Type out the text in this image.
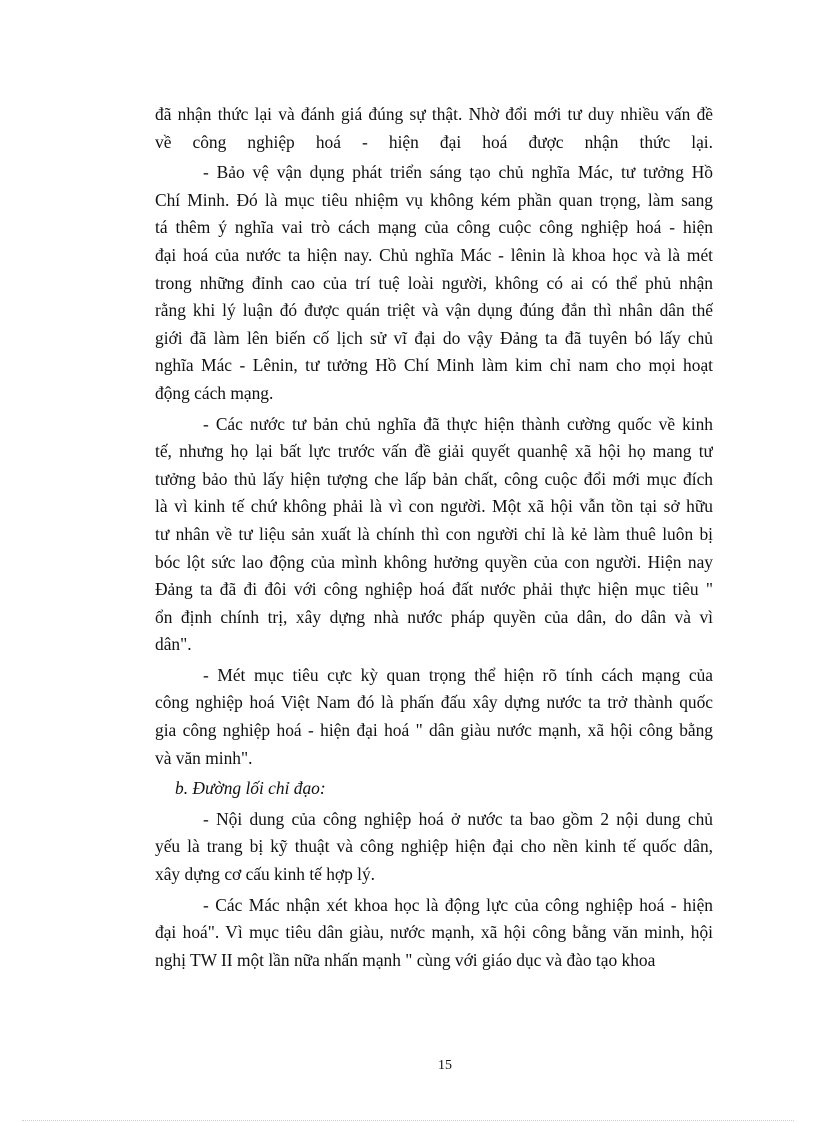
đã nhận thức lại và đánh giá đúng sự thật. Nhờ đổi mới tư duy nhiều vấn đề
về công nghiệp hoá - hiện đại hoá được nhận thức lại.
- Bảo vệ vận dụng phát triển sáng tạo chủ nghĩa Mác, tư tưởng Hồ
Chí Minh. Đó là mục tiêu nhiệm vụ không kém phần quan trọng, làm sang
tá thêm ý nghĩa vai trò cách mạng của công cuộc công nghiệp hoá - hiện
đại hoá của nước ta hiện nay. Chủ nghĩa Mác - lênin là khoa học và là mét
trong những đỉnh cao của trí tuệ loài người, không có ai có thể phủ nhận
rằng khi lý luận đó được quán triệt và vận dụng đúng đắn thì nhân dân thế
giới đã làm lên biến cố lịch sử vĩ đại do vậy Đảng ta đã tuyên bó lấy chủ
nghĩa Mác - Lênin, tư tưởng Hồ Chí Minh làm kim chỉ nam cho mọi hoạt
động cách mạng.
- Các nước tư bản chủ nghĩa đã thực hiện thành cường quốc về kinh
tế, nhưng họ lại bất lực trước vấn đề giải quyết quanhệ xã hội họ mang tư
tưởng bảo thủ lấy hiện tượng che lấp bản chất, công cuộc đổi mới mục đích
là vì kinh tế chứ không phải là vì con người. Một xã hội vẫn tồn tại sở hữu
tư nhân về tư liệu sản xuất là chính thì con người chỉ là kẻ làm thuê luôn bị
bóc lột sức lao động của mình không hưởng quyền của con người. Hiện nay
Đảng ta đã đi đôi với công nghiệp hoá đất nước phải thực hiện mục tiêu "
ổn định chính trị, xây dựng nhà nước pháp quyền của dân, do dân và vì
dân".
- Mét mục tiêu cực kỳ quan trọng thể hiện rõ tính cách mạng của
công nghiệp hoá Việt Nam đó là phấn đấu xây dựng nước ta trở thành quốc
gia công nghiệp hoá - hiện đại hoá " dân giàu nước mạnh, xã hội công bằng
và văn minh".
b. Đường lối chỉ đạo:
- Nội dung của công nghiệp hoá ở nước ta bao gồm 2 nội dung chủ
yếu là trang bị kỹ thuật và công nghiệp hiện đại cho nền kinh tế quốc dân,
xây dựng cơ cấu kinh tế hợp lý.
- Các Mác nhận xét khoa học là động lực của công nghiệp hoá - hiện
đại hoá". Vì mục tiêu dân giàu, nước mạnh, xã hội công bằng văn minh, hội
nghị TW II một lần nữa nhấn mạnh " cùng với giáo dục và đào tạo khoa
15
